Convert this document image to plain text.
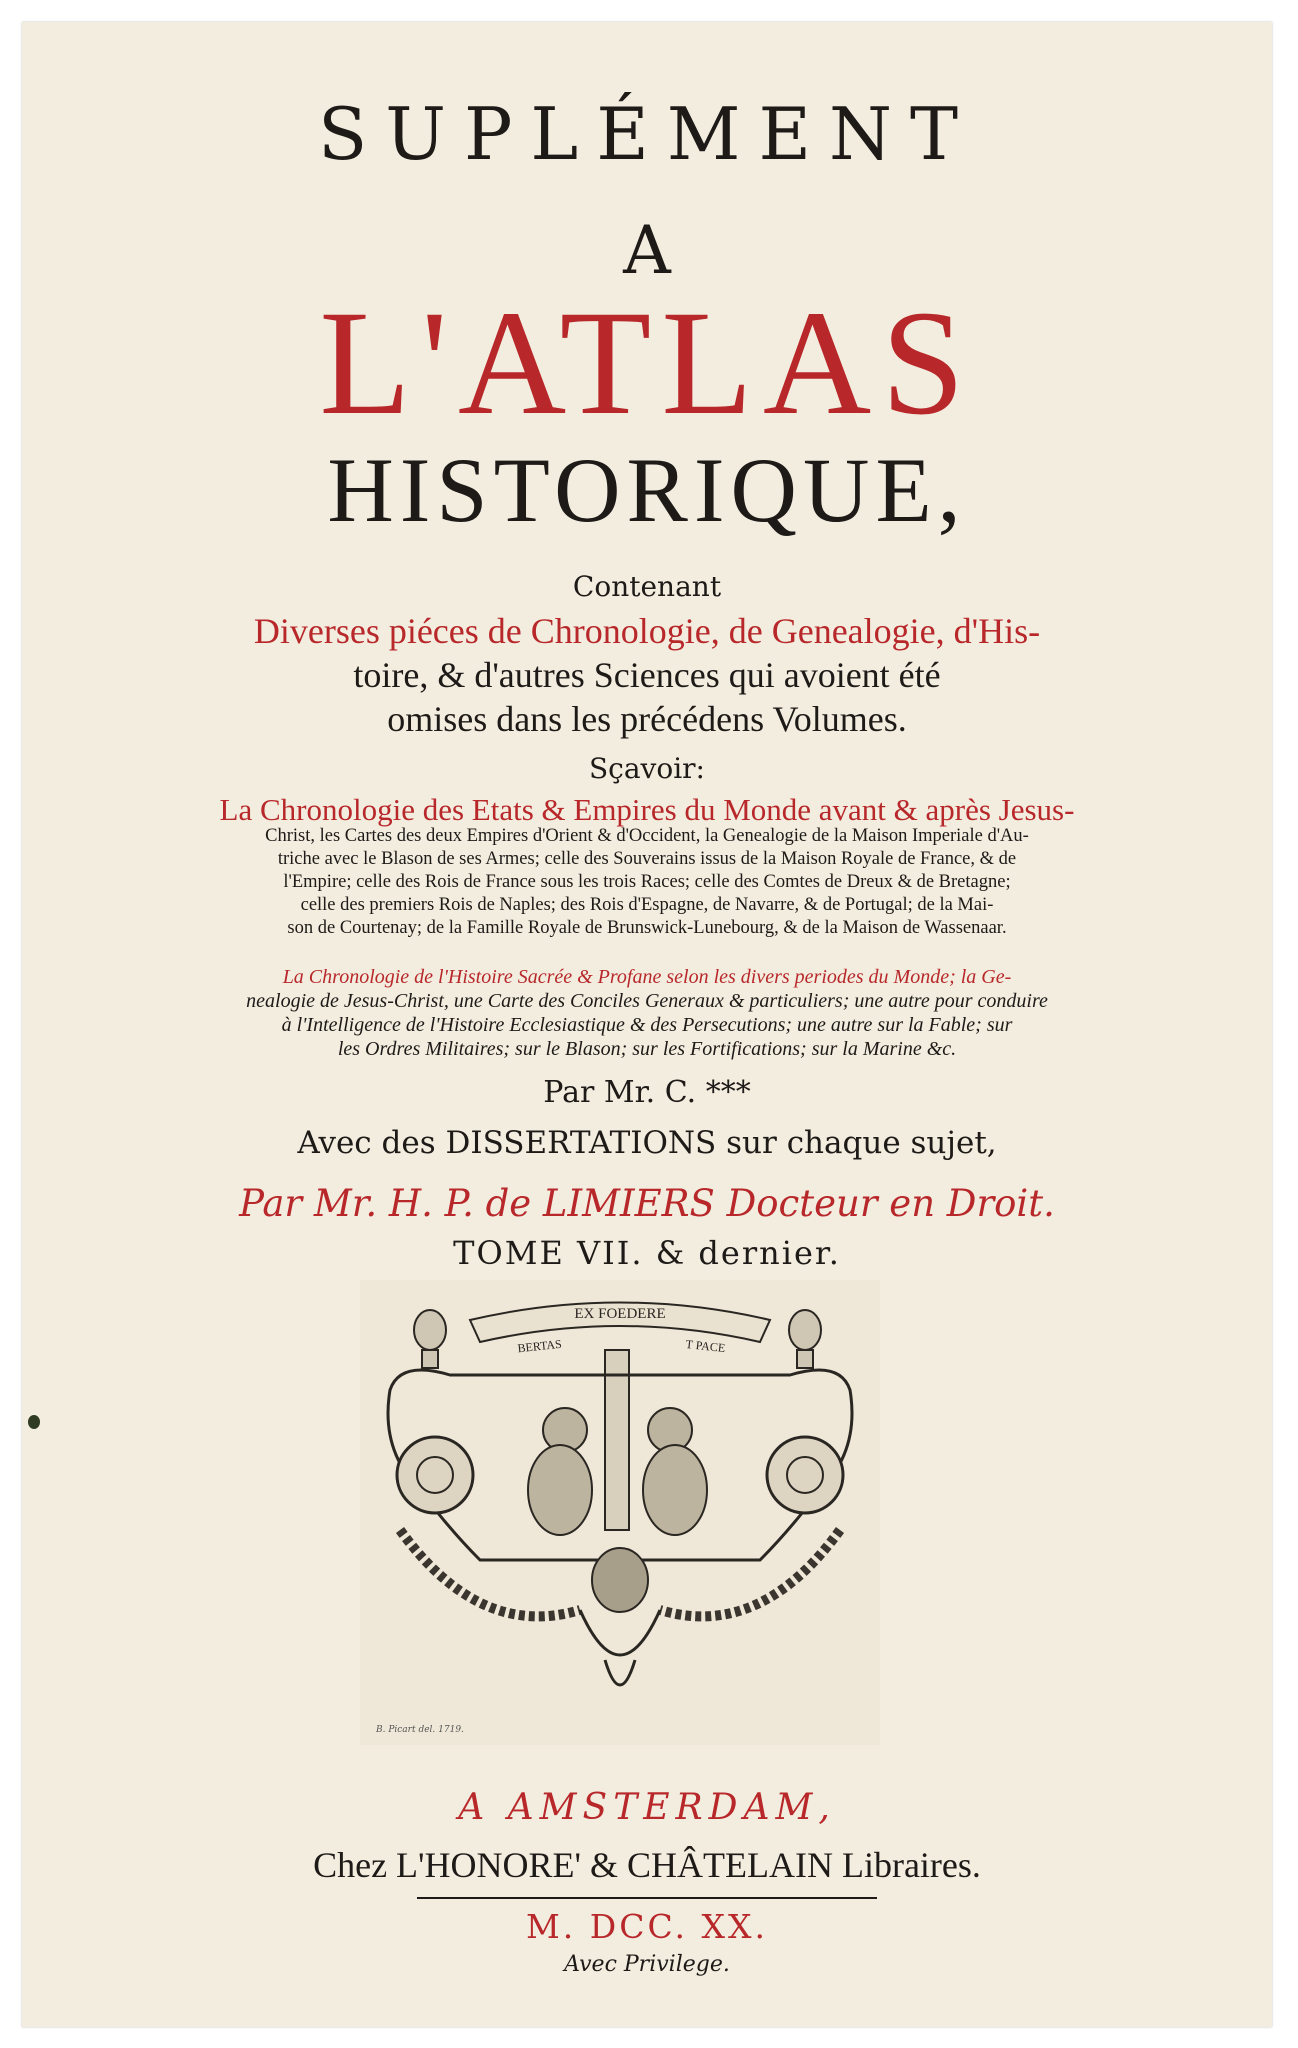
SUPLÉMENT
A
L'ATLAS
HISTORIQUE,
Contenant
Diverses piéces de Chronologie, de Genealogie, d'His-
toire, & d'autres Sciences qui avoient été
omises dans les précédens Volumes.
Sçavoir:
La Chronologie des Etats & Empires du Monde avant & après Jesus-
Christ, les Cartes des deux Empires d'Orient & d'Occident, la Genealogie de la Maison Imperiale d'Au-
triche avec le Blason de ses Armes; celle des Souverains issus de la Maison Royale de France, & de
l'Empire; celle des Rois de France sous les trois Races; celle des Comtes de Dreux & de Bretagne;
celle des premiers Rois de Naples; des Rois d'Espagne, de Navarre, & de Portugal; de la Mai-
son de Courtenay; de la Famille Royale de Brunswick-Lunebourg, & de la Maison de Wassenaar.
La Chronologie de l'Histoire Sacrée & Profane selon les divers periodes du Monde; la Ge-
nealogie de Jesus-Christ, une Carte des Conciles Generaux & particuliers; une autre pour conduire
à l'Intelligence de l'Histoire Ecclesiastique & des Persecutions; une autre sur la Fable; sur
les Ordres Militaires; sur le Blason; sur les Fortifications; sur la Marine &c.
Par Mr. C. ***
Avec des DISSERTATIONS sur chaque sujet,
Par Mr. H. P. de LIMIERS Docteur en Droit.
TOME VII. & dernier.
EX FOEDERE
BERTAS	T PACE
B. Picart del. 1719.
A AMSTERDAM,
Chez L'HONORE' & CHÂTELAIN Libraires.
M. DCC. XX.
Avec Privilege.
